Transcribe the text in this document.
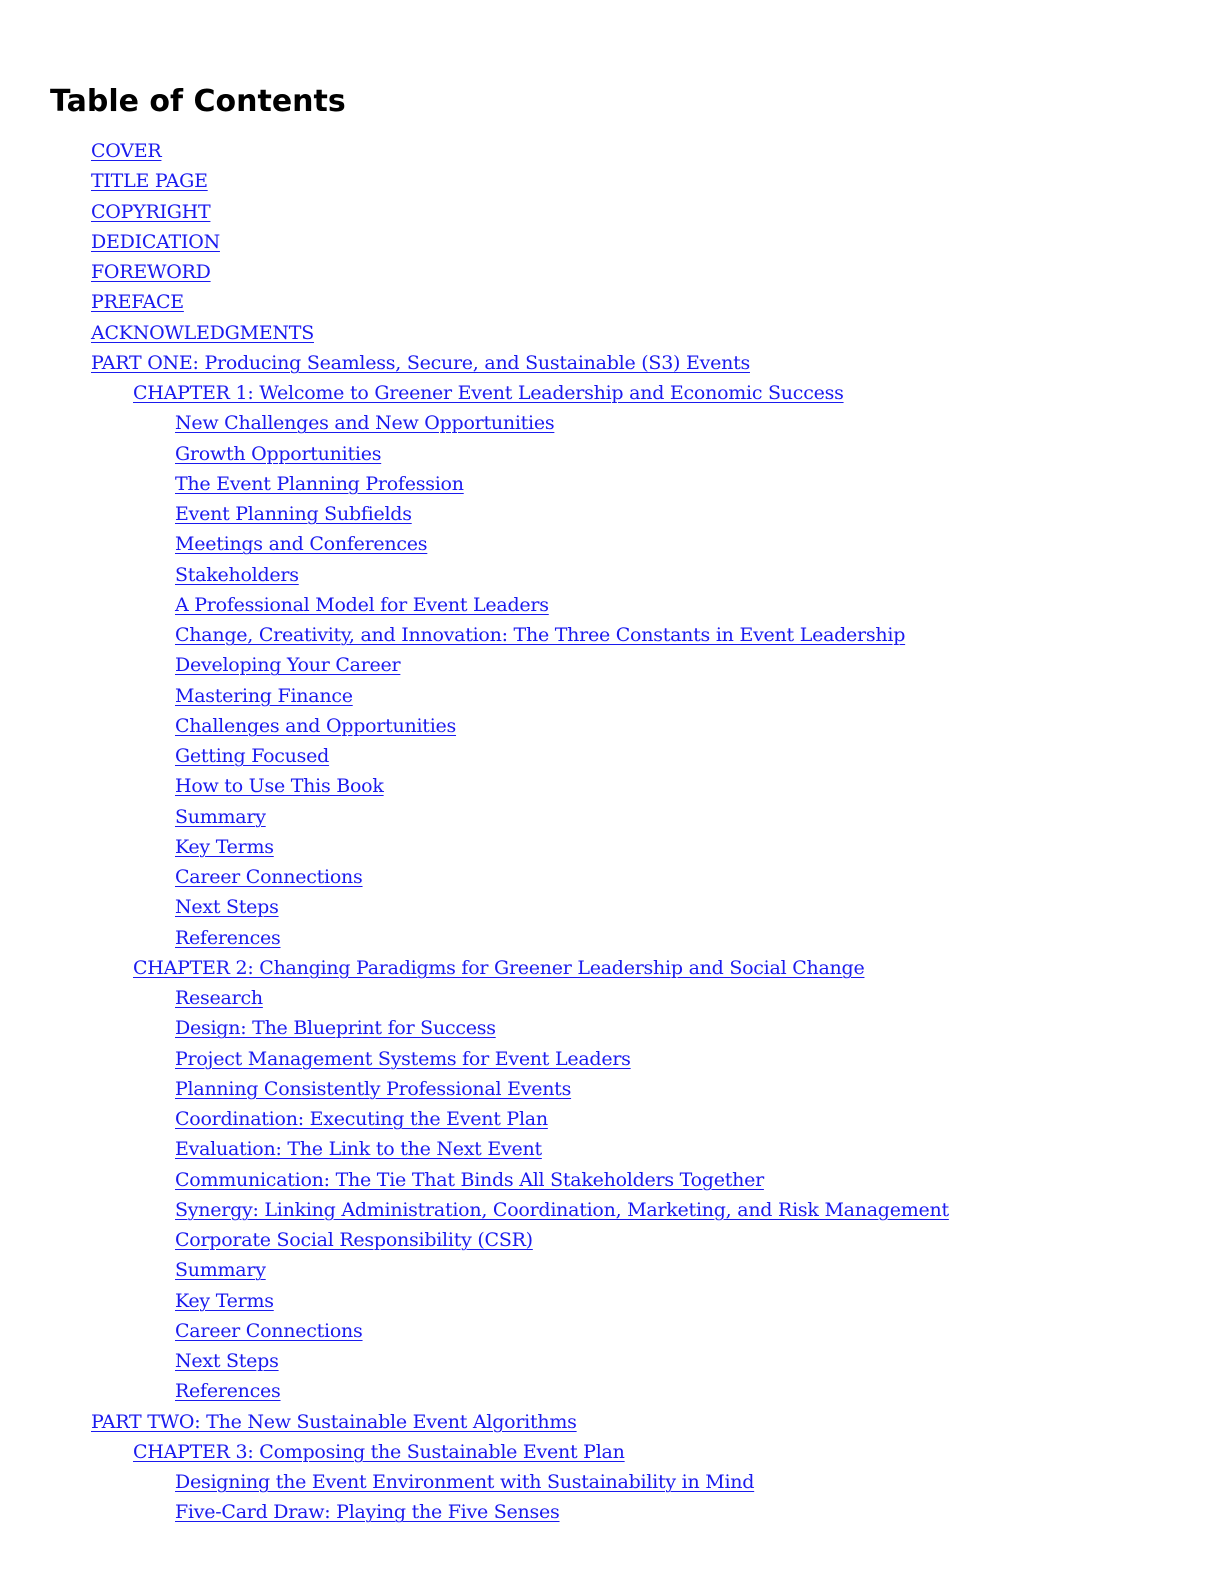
Table of Contents
COVER
TITLE PAGE
COPYRIGHT
DEDICATION
FOREWORD
PREFACE
ACKNOWLEDGMENTS
PART ONE: Producing Seamless, Secure, and Sustainable (S3) Events
CHAPTER 1: Welcome to Greener Event Leadership and Economic Success
New Challenges and New Opportunities
Growth Opportunities
The Event Planning Profession
Event Planning Subfields
Meetings and Conferences
Stakeholders
A Professional Model for Event Leaders
Change, Creativity, and Innovation: The Three Constants in Event Leadership
Developing Your Career
Mastering Finance
Challenges and Opportunities
Getting Focused
How to Use This Book
Summary
Key Terms
Career Connections
Next Steps
References
CHAPTER 2: Changing Paradigms for Greener Leadership and Social Change
Research
Design: The Blueprint for Success
Project Management Systems for Event Leaders
Planning Consistently Professional Events
Coordination: Executing the Event Plan
Evaluation: The Link to the Next Event
Communication: The Tie That Binds All Stakeholders Together
Synergy: Linking Administration, Coordination, Marketing, and Risk Management
Corporate Social Responsibility (CSR)
Summary
Key Terms
Career Connections
Next Steps
References
PART TWO: The New Sustainable Event Algorithms
CHAPTER 3: Composing the Sustainable Event Plan
Designing the Event Environment with Sustainability in Mind
Five-Card Draw: Playing the Five Senses
